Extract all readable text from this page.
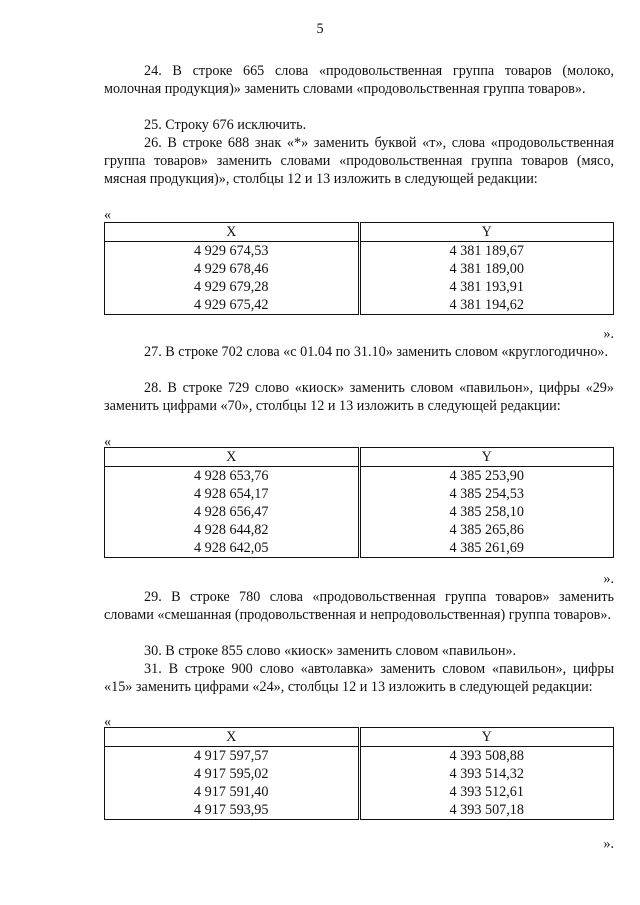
5

24. В строке 665 слова «продовольственная группа товаров (молоко, молочная продукция)» заменить словами «продовольственная группа товаров».

25. Строку 676 исключить.

26. В строке 688 знак «*» заменить буквой «т», слова «продовольственная группа товаров» заменить словами «продовольственная группа товаров (мясо, мясная продукция)», столбцы 12 и 13 изложить в следующей редакции:

«

X	Y
4 929 674,53	4 381 189,67
4 929 678,46	4 381 189,00
4 929 679,28	4 381 193,91
4 929 675,42	4 381 194,62

».

27. В строке 702 слова «с 01.04 по 31.10» заменить словом «круглогодично».

28. В строке 729 слово «киоск» заменить словом «павильон», цифры «29» заменить цифрами «70», столбцы 12 и 13 изложить в следующей редакции:

«

X	Y
4 928 653,76	4 385 253,90
4 928 654,17	4 385 254,53
4 928 656,47	4 385 258,10
4 928 644,82	4 385 265,86
4 928 642,05	4 385 261,69

».

29. В строке 780 слова «продовольственная группа товаров» заменить словами «смешанная (продовольственная и непродовольственная) группа товаров».

30. В строке 855 слово «киоск» заменить словом «павильон».

31. В строке 900 слово «автолавка» заменить словом «павильон», цифры «15» заменить цифрами «24», столбцы 12 и 13 изложить в следующей редакции:

«

X	Y
4 917 597,57	4 393 508,88
4 917 595,02	4 393 514,32
4 917 591,40	4 393 512,61
4 917 593,95	4 393 507,18

».
